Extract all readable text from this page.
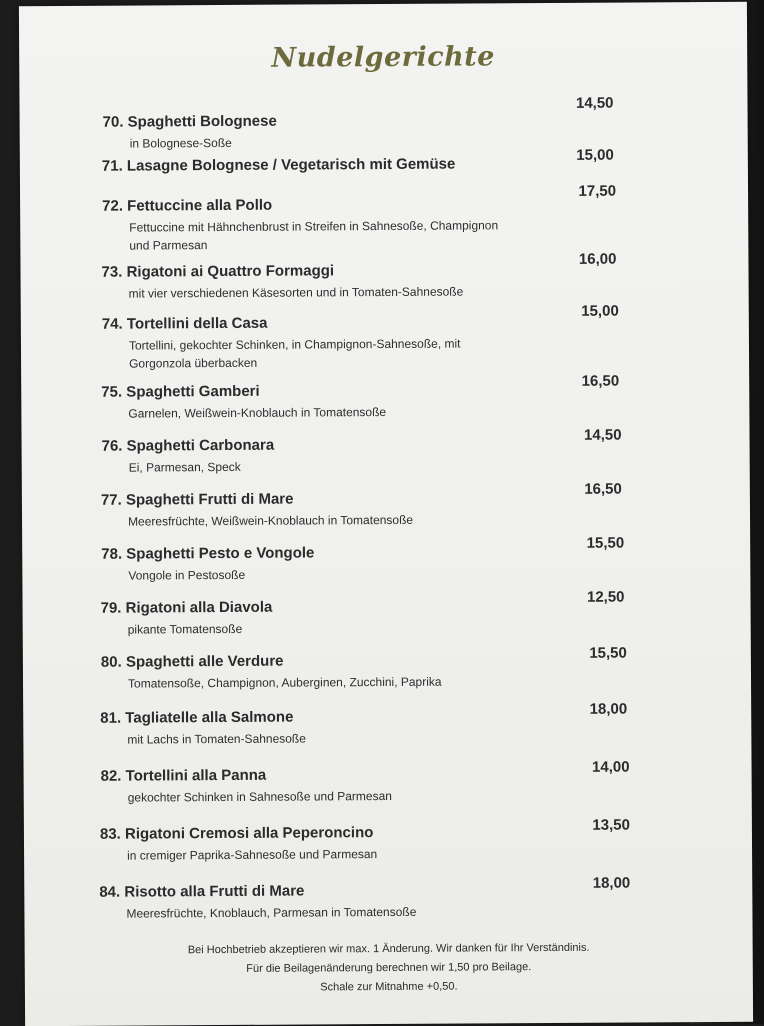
Nudelgerichte
70. Spaghetti Bolognese
in Bolognese-Soße
14,50
71. Lasagne Bolognese / Vegetarisch mit Gemüse
15,00
72. Fettuccine alla Pollo
Fettuccine mit Hähnchenbrust in Streifen in Sahnesoße, Champignon und Parmesan
17,50
73. Rigatoni ai Quattro Formaggi
mit vier verschiedenen Käsesorten und in Tomaten-Sahnesoße
16,00
74. Tortellini della Casa
Tortellini, gekochter Schinken, in Champignon-Sahnesoße, mit Gorgonzola überbacken
15,00
75. Spaghetti Gamberi
Garnelen, Weißwein-Knoblauch in Tomatensoße
16,50
76. Spaghetti Carbonara
Ei, Parmesan, Speck
14,50
77. Spaghetti Frutti di Mare
Meeresfrüchte, Weißwein-Knoblauch in Tomatensoße
16,50
78. Spaghetti Pesto e Vongole
Vongole in Pestosoße
15,50
79. Rigatoni alla Diavola
pikante Tomatensoße
12,50
80. Spaghetti alle Verdure
Tomatensoße, Champignon, Auberginen, Zucchini, Paprika
15,50
81. Tagliatelle alla Salmone
mit Lachs in Tomaten-Sahnesoße
18,00
82. Tortellini alla Panna
gekochter Schinken in Sahnesoße und Parmesan
14,00
83. Rigatoni Cremosi alla Peperoncino
in cremiger Paprika-Sahnesoße und Parmesan
13,50
84. Risotto alla Frutti di Mare
Meeresfrüchte, Knoblauch, Parmesan in Tomatensoße
18,00
Bei Hochbetrieb akzeptieren wir max. 1 Änderung. Wir danken für Ihr Verständinis.
Für die Beilagenänderung berechnen wir 1,50 pro Beilage.
Schale zur Mitnahme +0,50.
